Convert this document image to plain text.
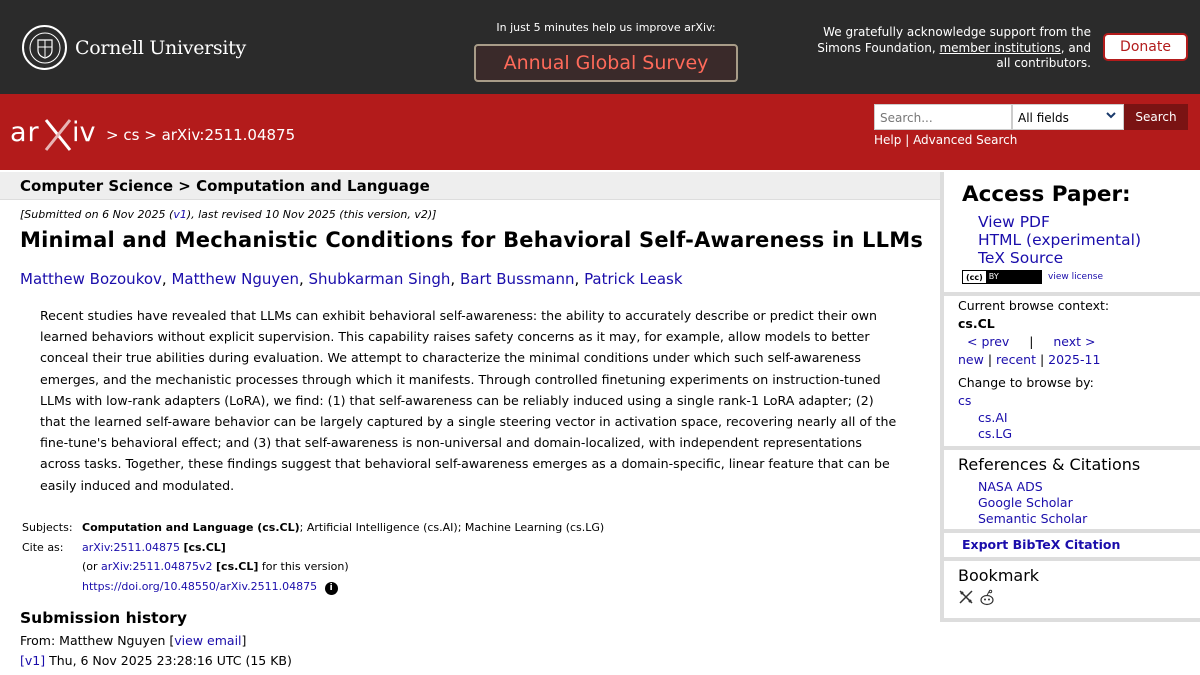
Cornell University
In just 5 minutes help us improve arXiv:
Annual Global Survey
We gratefully acknowledge support from the
Simons Foundation, member institutions, and
all contributors.
Donate
ar iv > cs > arXiv:2511.04875
Search...	All fields	Search
Help | Advanced Search
Computer Science > Computation and Language
[Submitted on 6 Nov 2025 (v1), last revised 10 Nov 2025 (this version, v2)]
Minimal and Mechanistic Conditions for Behavioral Self-Awareness in LLMs
Matthew Bozoukov, Matthew Nguyen, Shubkarman Singh, Bart Bussmann, Patrick Leask
Recent studies have revealed that LLMs can exhibit behavioral self-awareness: the ability to accurately describe or predict their own learned behaviors without explicit supervision. This capability raises safety concerns as it may, for example, allow models to better conceal their true abilities during evaluation. We attempt to characterize the minimal conditions under which such self-awareness emerges, and the mechanistic processes through which it manifests. Through controlled finetuning experiments on instruction-tuned LLMs with low-rank adapters (LoRA), we find: (1) that self-awareness can be reliably induced using a single rank-1 LoRA adapter; (2) that the learned self-aware behavior can be largely captured by a single steering vector in activation space, recovering nearly all of the fine-tune's behavioral effect; and (3) that self-awareness is non-universal and domain-localized, with independent representations across tasks. Together, these findings suggest that behavioral self-awareness emerges as a domain-specific, linear feature that can be easily induced and modulated.
Subjects:	Computation and Language (cs.CL); Artificial Intelligence (cs.AI); Machine Learning (cs.LG)
Cite as:	arXiv:2511.04875 [cs.CL]
	(or arXiv:2511.04875v2 [cs.CL] for this version)
	https://doi.org/10.48550/arXiv.2511.04875 i
Submission history
From: Matthew Nguyen [view email]
[v1] Thu, 6 Nov 2025 23:28:16 UTC (15 KB)
Access Paper:
View PDF
HTML (experimental)
TeX Source
(cc) BY	view license
Current browse context:
cs.CL
< prev | next >
new | recent | 2025-11
Change to browse by:
cs
cs.AI
cs.LG
References & Citations
NASA ADS
Google Scholar
Semantic Scholar
Export BibTeX Citation
Bookmark
